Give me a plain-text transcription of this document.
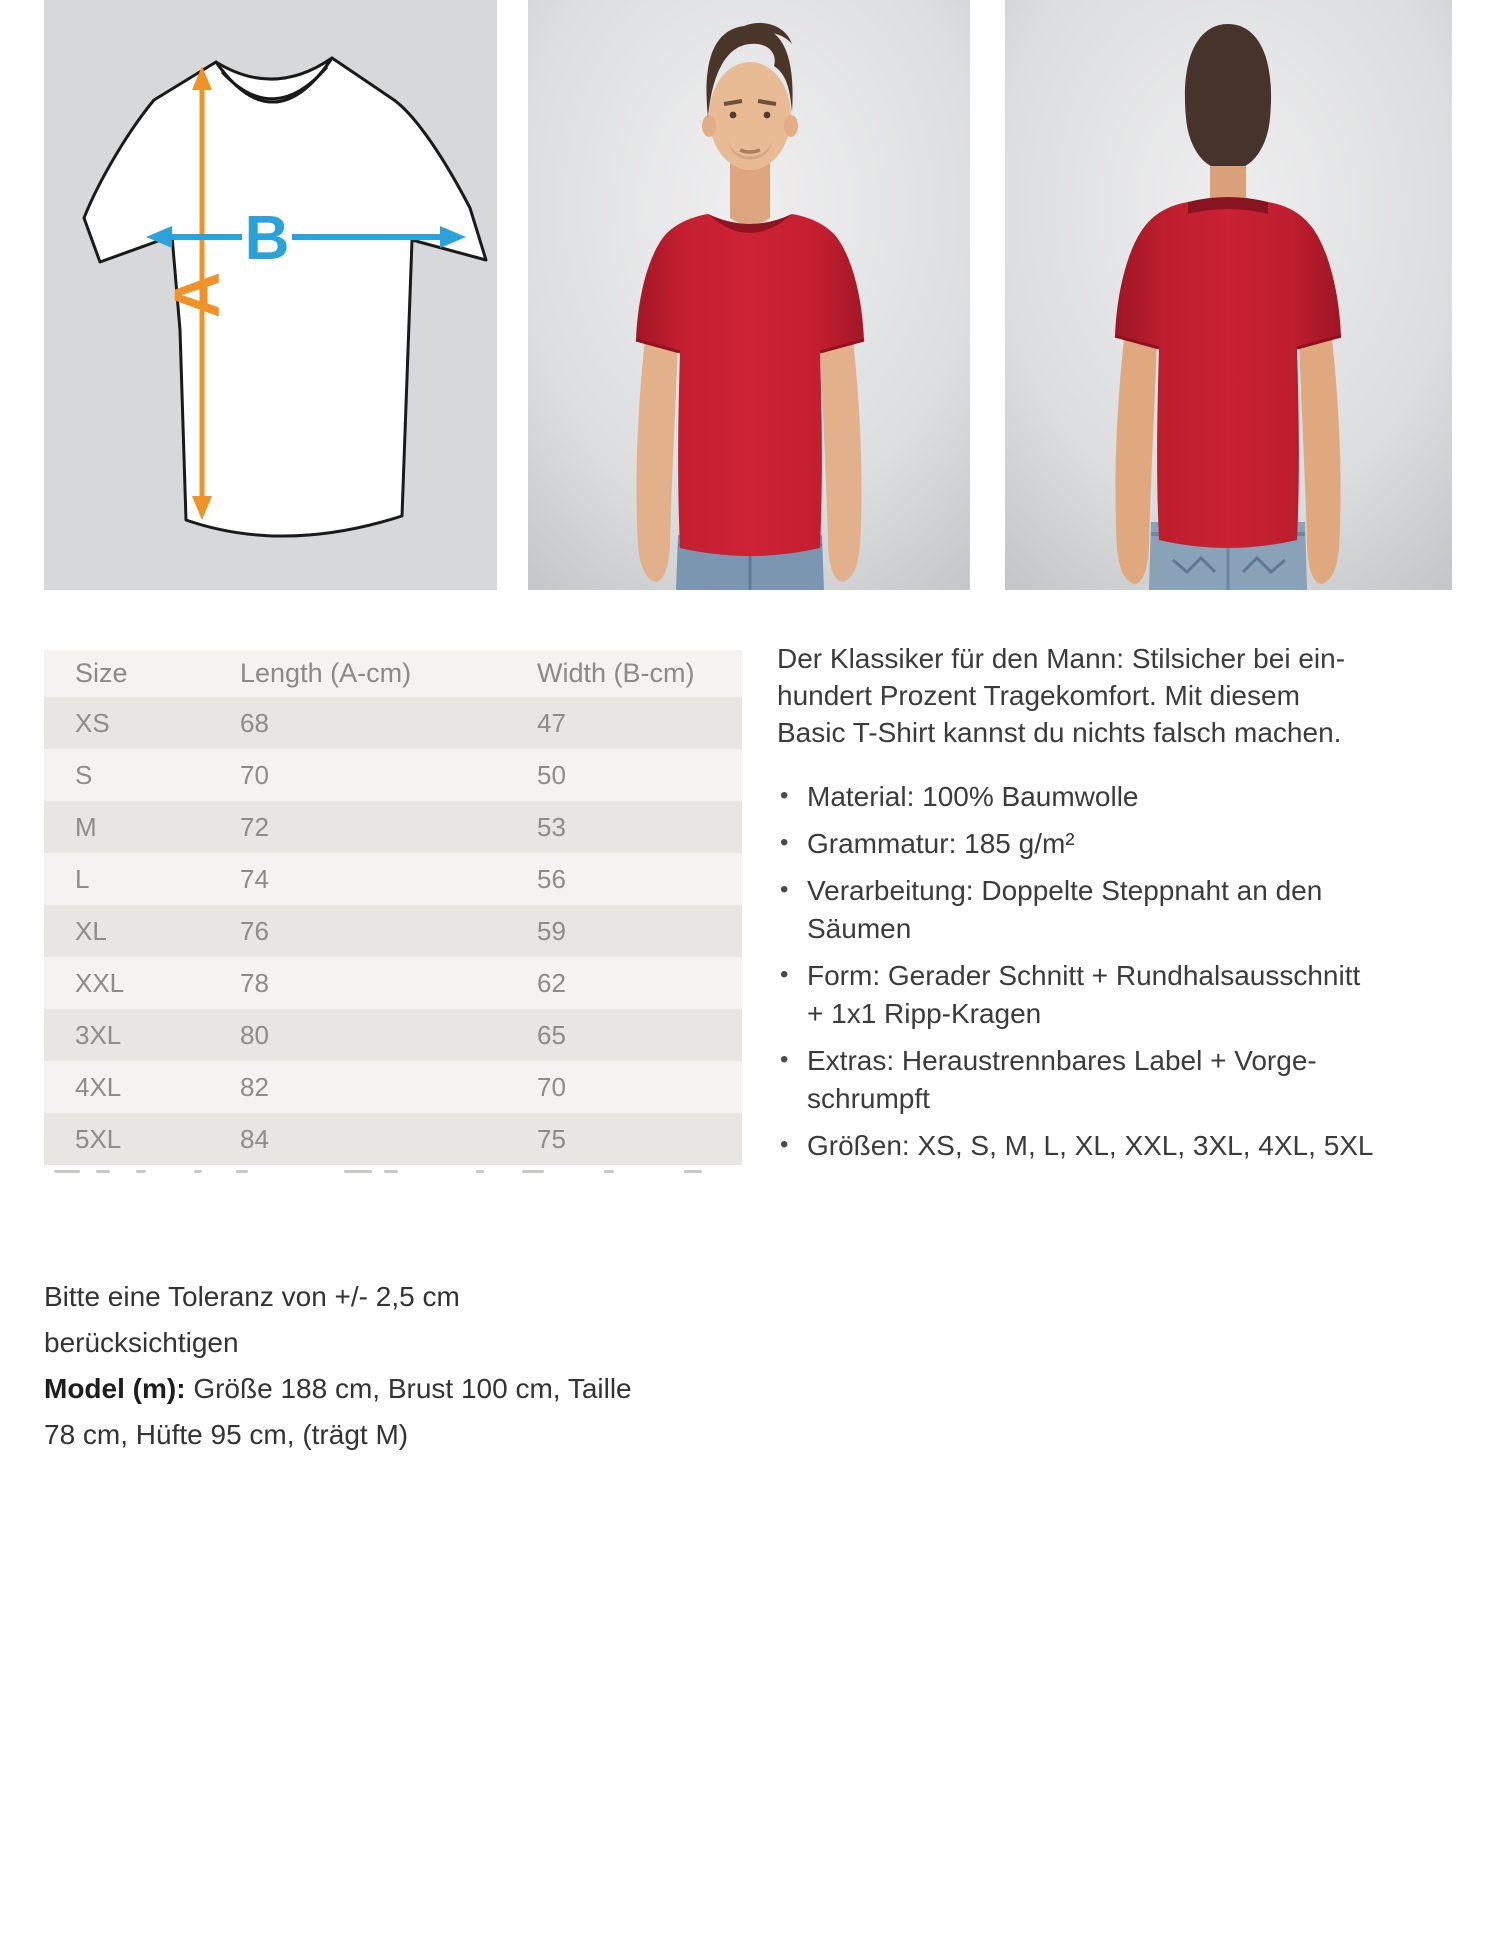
A
B
Size	Length (A-cm)	Width (B-cm)
XS	68	47
S	70	50
M	72	53
L	74	56
XL	76	59
XXL	78	62
3XL	80	65
4XL	82	70
5XL	84	75

Der Klassiker für den Mann: Stilsicher bei ein-
hundert Prozent Tragekomfort. Mit diesem
Basic T-Shirt kannst du nichts falsch machen.

• Material: 100% Baumwolle
• Grammatur: 185 g/m²
• Verarbeitung: Doppelte Steppnaht an den
Säumen
• Form: Gerader Schnitt + Rundhalsausschnitt
+ 1x1 Ripp-Kragen
• Extras: Heraustrennbares Label + Vorge-
schrumpft
• Größen: XS, S, M, L, XL, XXL, 3XL, 4XL, 5XL

Bitte eine Toleranz von +/- 2,5 cm berücksichtigen

Model (m): Größe 188 cm, Brust 100 cm, Taille
78 cm, Hüfte 95 cm, (trägt M)
